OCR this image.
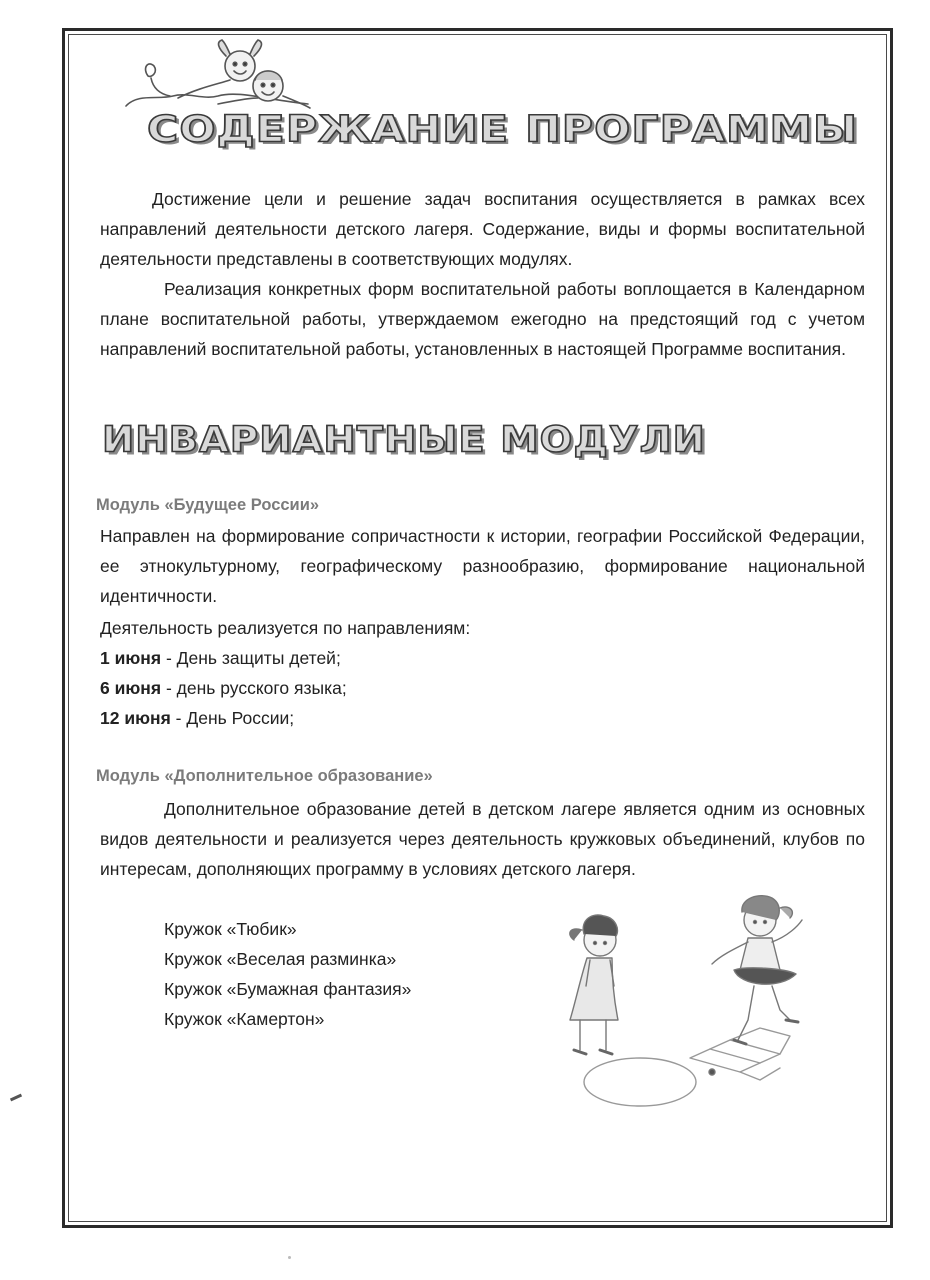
СОДЕРЖАНИЕ ПРОГРАММЫ

Достижение цели и решение задач воспитания осуществляется в рамках всех направлений деятельности детского лагеря. Содержание, виды и формы воспитательной деятельности представлены в соответствующих модулях.

Реализация конкретных форм воспитательной работы воплощается в Календарном плане воспитательной работы, утверждаемом ежегодно на предстоящий год с учетом направлений воспитательной работы, установленных в настоящей Программе воспитания.

ИНВАРИАНТНЫЕ МОДУЛИ
Модуль «Будущее России»

Направлен на формирование сопричастности к истории, географии Российской Федерации, ее этнокультурному, географическому разнообразию, формирование национальной идентичности.

Деятельность реализуется по направлениям:

1 июня - День защиты детей;

6 июня - день русского языка;

12 июня - День России;

Модуль «Дополнительное образование»

Дополнительное образование детей в детском лагере является одним из основных видов деятельности и реализуется через деятельность кружковых объединений, клубов по интересам, дополняющих программу в условиях детского лагеря.

Кружок «Тюбик»
Кружок «Веселая разминка»
Кружок «Бумажная фантазия»
Кружок «Камертон»
